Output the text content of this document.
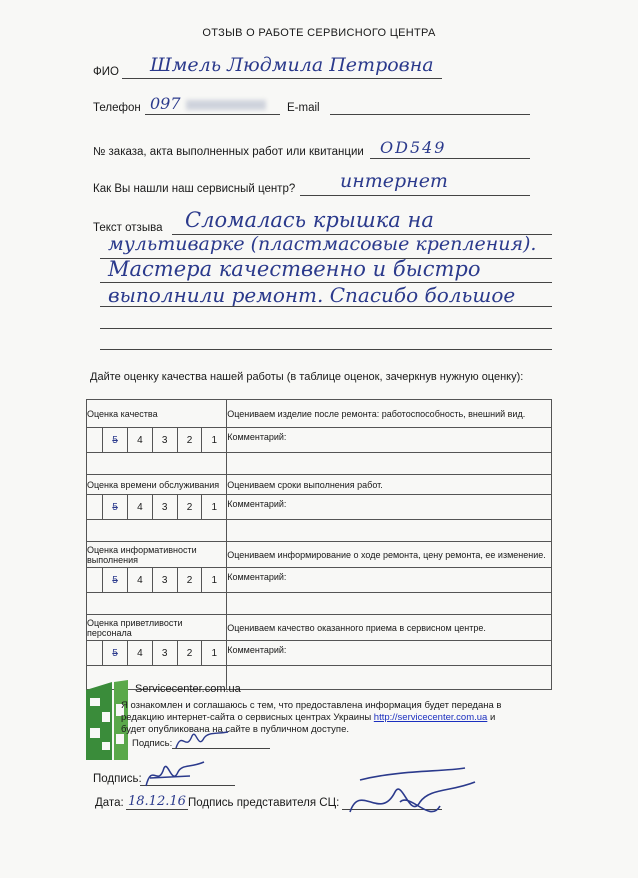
ОТЗЫВ О РАБОТЕ СЕРВИСНОГО ЦЕНТРА
ФИО Шмель Людмила Петровна
Телефон 097	E-mail
№ заказа, акта выполненных работ или квитанции OD549
Как Вы нашли наш сервисный центр? интернет
Текст отзыва Сломалась крышка на
мультиварке (пластмасовые крепления).
Мастера качественно и быстро
выполнили ремонт. Спасибо большое
Дайте оценку качества нашей работы (в таблице оценок, зачеркнув нужную оценку):
Оценка качества						Оцениваем изделие после ремонта: работоспособность, внешний вид.
	5	4	3	2	1	Комментарий:

Оценка времени обслуживания						Оцениваем сроки выполнения работ.
	5	4	3	2	1	Комментарий:

Оценка информативности выполнения						Оцениваем информирование о ходе ремонта, цену ремонта, ее изменение.
	5	4	3	2	1	Комментарий:

Оценка приветливости персонала						Оцениваем качество оказанного приема в сервисном центре.
	5	4	3	2	1	Комментарий:

Servicecenter.com.ua
Я ознакомлен и соглашаюсь с тем, что предоставлена информация будет передана в
редакцию интернет-сайта о сервисных центрах Украины http://servicecenter.com.ua и
будет опубликована на сайте в публичном доступе.
Подпись:
Подпись:
Дата: 18.12.16 Подпись представителя СЦ:
